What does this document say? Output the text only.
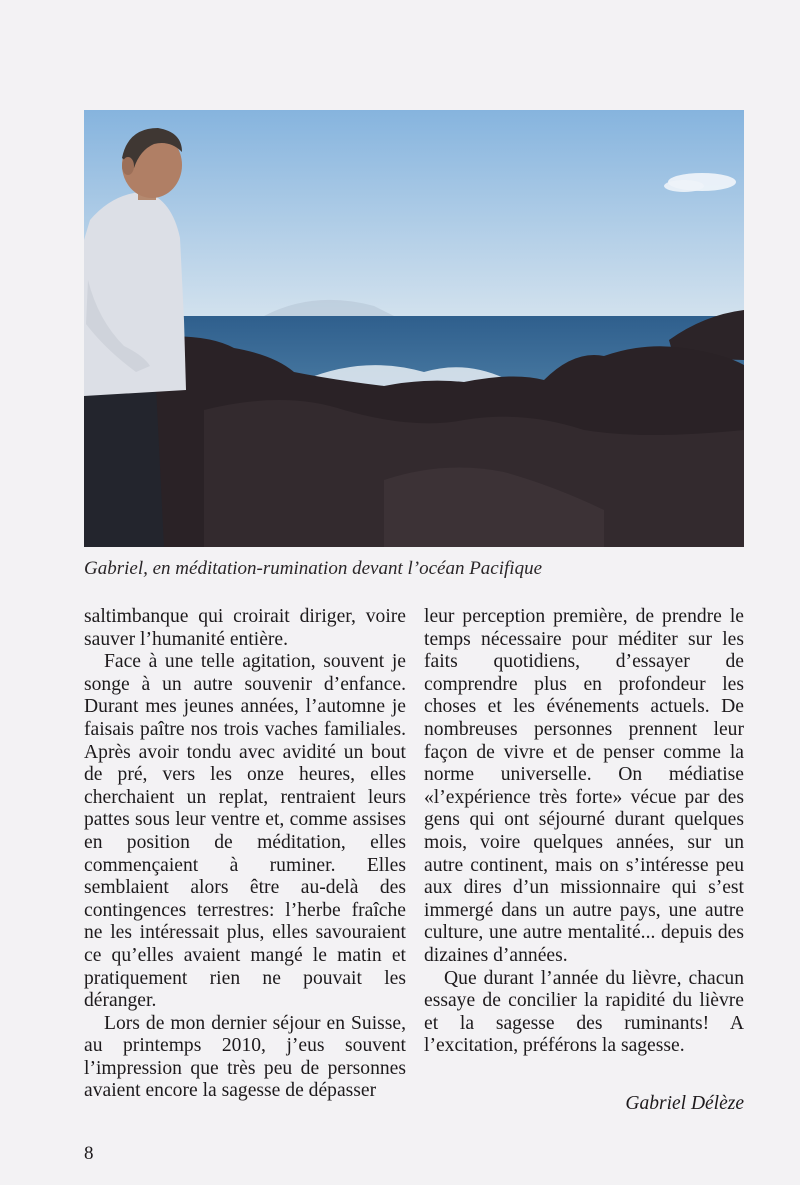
Gabriel, en méditation-rumination devant l’océan Pacifique

saltimbanque qui croirait diriger, voire sauver l’humanité entière.

Face à une telle agitation, souvent je songe à un autre souvenir d’enfance. Durant mes jeunes années, l’automne je faisais paître nos trois vaches familiales. Après avoir tondu avec avidité un bout de pré, vers les onze heures, elles cherchaient un replat, rentraient leurs pattes sous leur ventre et, comme assises en position de méditation, elles commençaient à ruminer. Elles semblaient alors être au-delà des contingences terrestres: l’herbe fraîche ne les intéressait plus, elles savouraient ce qu’elles avaient mangé le matin et pratiquement rien ne pouvait les déranger.

Lors de mon dernier séjour en Suisse, au printemps 2010, j’eus souvent l’impression que très peu de personnes avaient encore la sagesse de dépasser

leur perception première, de prendre le temps nécessaire pour méditer sur les faits quotidiens, d’essayer de comprendre plus en profondeur les choses et les événements actuels. De nombreuses personnes prennent leur façon de vivre et de penser comme la norme universelle. On médiatise «l’expérience très forte» vécue par des gens qui ont séjourné durant quelques mois, voire quelques années, sur un autre continent, mais on s’intéresse peu aux dires d’un missionnaire qui s’est immergé dans un autre pays, une autre culture, une autre mentalité... depuis des dizaines d’années.

Que durant l’année du lièvre, chacun essaye de concilier la rapidité du lièvre et la sagesse des ruminants! A l’excitation, préférons la sagesse.

Gabriel Délèze
8
